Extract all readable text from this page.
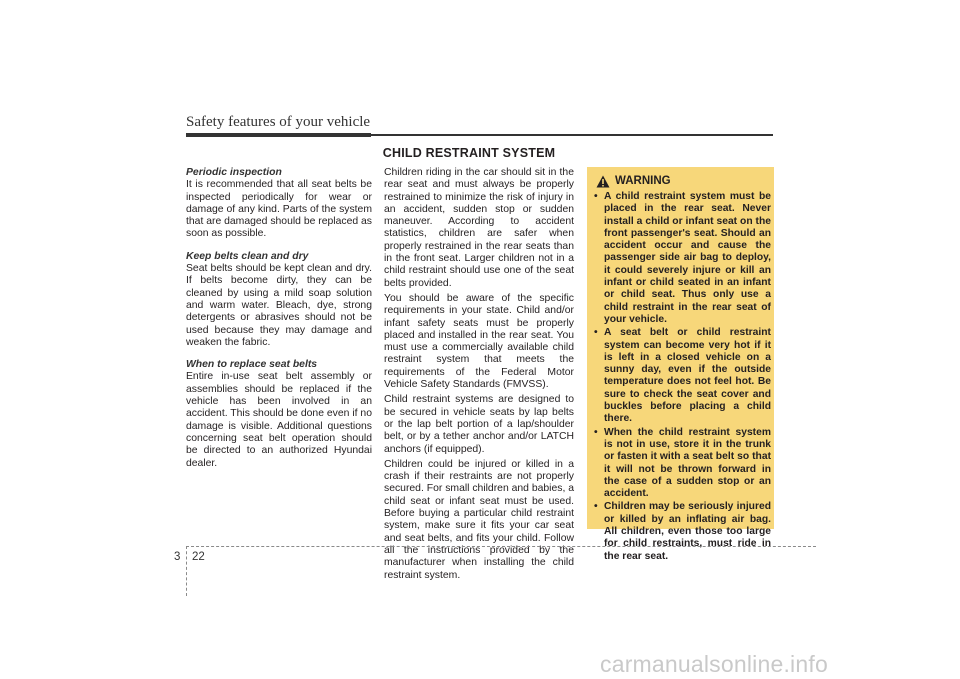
Safety features of your vehicle
CHILD RESTRAINT SYSTEM

Periodic inspection

It is recommended that all seat belts be inspected periodically for wear or damage of any kind. Parts of the system that are damaged should be replaced as soon as possible.

Keep belts clean and dry

Seat belts should be kept clean and dry. If belts become dirty, they can be cleaned by using a mild soap solution and warm water. Bleach, dye, strong detergents or abrasives should not be used because they may damage and weaken the fabric.

When to replace seat belts

Entire in-use seat belt assembly or assemblies should be replaced if the vehicle has been involved in an accident. This should be done even if no damage is visible. Additional questions concerning seat belt operation should be directed to an authorized Hyundai dealer.

Children riding in the car should sit in the rear seat and must always be properly restrained to minimize the risk of injury in an accident, sudden stop or sudden maneuver. According to accident statistics, children are safer when properly restrained in the rear seats than in the front seat. Larger children not in a child restraint should use one of the seat belts provided.

You should be aware of the specific requirements in your state. Child and/or infant safety seats must be properly placed and installed in the rear seat. You must use a commercially available child restraint system that meets the requirements of the Federal Motor Vehicle Safety Standards (FMVSS).

Child restraint systems are designed to be secured in vehicle seats by lap belts or the lap belt portion of a lap/shoulder belt, or by a tether anchor and/or LATCH anchors (if equipped).

Children could be injured or killed in a crash if their restraints are not properly secured. For small children and babies, a child seat or infant seat must be used. Before buying a particular child restraint system, make sure it fits your car seat and seat belts, and fits your child. Follow all the instructions provided by the manufacturer when installing the child restraint system.

WARNING
• A child restraint system must be placed in the rear seat. Never install a child or infant seat on the front passenger's seat. Should an accident occur and cause the passenger side air bag to deploy, it could severely injure or kill an infant or child seated in an infant or child seat. Thus only use a child restraint in the rear seat of your vehicle.
• A seat belt or child restraint system can become very hot if it is left in a closed vehicle on a sunny day, even if the outside temperature does not feel hot. Be sure to check the seat cover and buckles before placing a child there.
• When the child restraint system is not in use, store it in the trunk or fasten it with a seat belt so that it will not be thrown forward in the case of a sudden stop or an accident.
• Children may be seriously injured or killed by an inflating air bag. All children, even those too large for child restraints, must ride in the rear seat.
3 22
carmanualsonline.info
